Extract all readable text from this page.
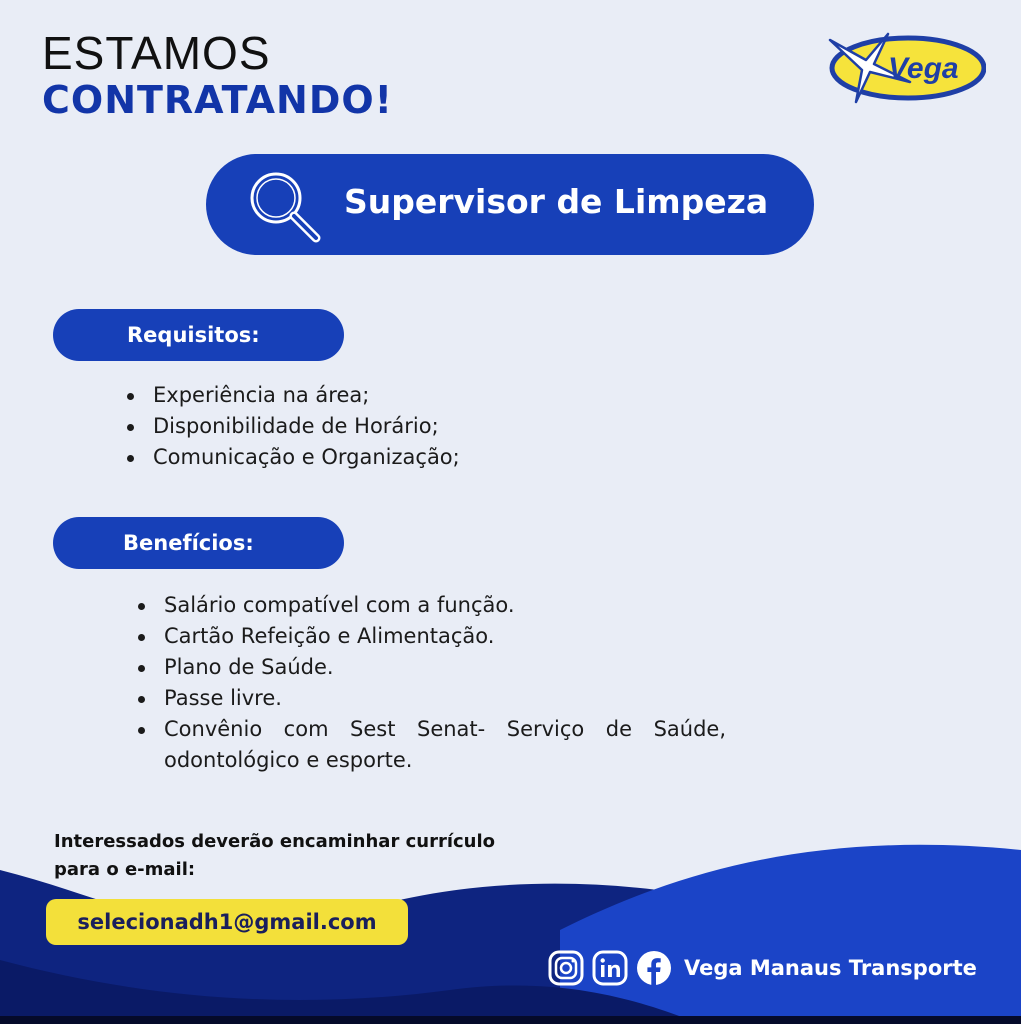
ESTAMOS
CONTRATANDO!
Vega
Supervisor de Limpeza
Requisitos:
Experiência na área;
Disponibilidade de Horário;
Comunicação e Organização;
Benefícios:
Salário compatível com a função.
Cartão Refeição e Alimentação.
Plano de Saúde.
Passe livre.
Convênio com Sest Senat- Serviço de Saúde, odontológico e esporte.

Interessados deverão encaminhar currículo
para o e-mail:

selecionadh1@gmail.com
Vega Manaus Transporte
